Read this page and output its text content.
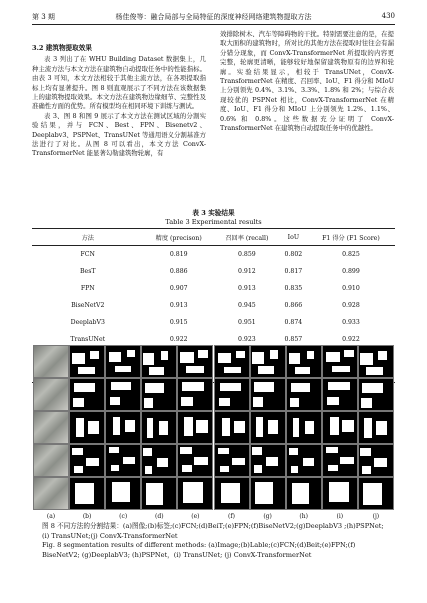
第 3 期	杨佳俊等：融合局部与全局特征的深度神经网络建筑物提取方法	430
3.2 建筑物提取效果

表 3 列出了在 WHU Building Dataset 数据集上，几种主流方法与本文方法在建筑物自动提取任务中的性能指标。由表 3 可知，本文方法相较于其他主流方法，在各项提取指标上均有显著提升。图 8 则直观展示了不同方法在该数据集上的建筑物提取效果。本文方法在建筑物边缘细节、完整性及准确性方面的优势。所有模型均在相同环境下训练与测试。

表 3、图 8 和图 9 展示了本文方法在测试区域的分割实验结果，并与 FCN、Best、FPN、Bisenetv2、Deeplabv3、PSPNet、TransUNet 等通用语义分割基准方法进行了对比。从图 8 可以看出，本文方法 ConvX-TransformerNet 能显著勾勒建筑物轮廓，有

效排除树木、汽车等障碍物的干扰。特别需要注意的是，在提取大面积的建筑物时，所对比的其他方法在提取时往往会有漏分错分现象，而 ConvX-TransformerNet 所提取的内容更完整，轮廓更清晰，能够较好地保留建筑物原有的边界和轮廓。实验结果显示，相较于 TransUNet，ConvX-TransformerNet 在精度、召回率、IoU、F1 得分和 MIoU 上分别领先 0.4%、3.1%、3.3%、1.8% 和 2%；与综合表现较优的 PSPNet 相比，ConvX-TransformerNet 在精度、IoU、F1 得分和 MIoU 上分别领先 1.2%、1.1%、0.6% 和 0.8%。这些数据充分证明了 ConvX-TransformerNet 在建筑物自动提取任务中的优越性。

表 3 实验结果
Table 3 Experimental results
方法	精度 (precison)	召回率 (recall)	IoU	F1 得分 (F1 Score)
FCN	0.819	0.859	0.802	0.825
BesT	0.886	0.912	0.817	0.899
FPN	0.907	0.913	0.835	0.910
BiseNetV2	0.913	0.945	0.866	0.928
DeeplabV3	0.915	0.951	0.874	0.933
TransUNet	0.922	0.923	0.857	0.922

(a)	(b)	(c)	(d)	(e)	(f)	(g)	(h)	(i)	(j)
图 8 不同方法的分割结果：(a)图像;(b)标签;(c)FCN;(d)BeiT;(e)FPN;(f)BiseNetV2;(g)DeeplabV3 ;(h)PSPNet;(i) TransUNet;(j) ConvX-TransformerNet
Fig. 8 segmentation results of different methods: (a)Image;(b)Lable;(c)FCN;(d)Beit;(e)FPN;(f) BiseNetV2; (g)DeeplabV3; (h)PSPNet，(i) TransUNet; (j) ConvX-TransformerNet
